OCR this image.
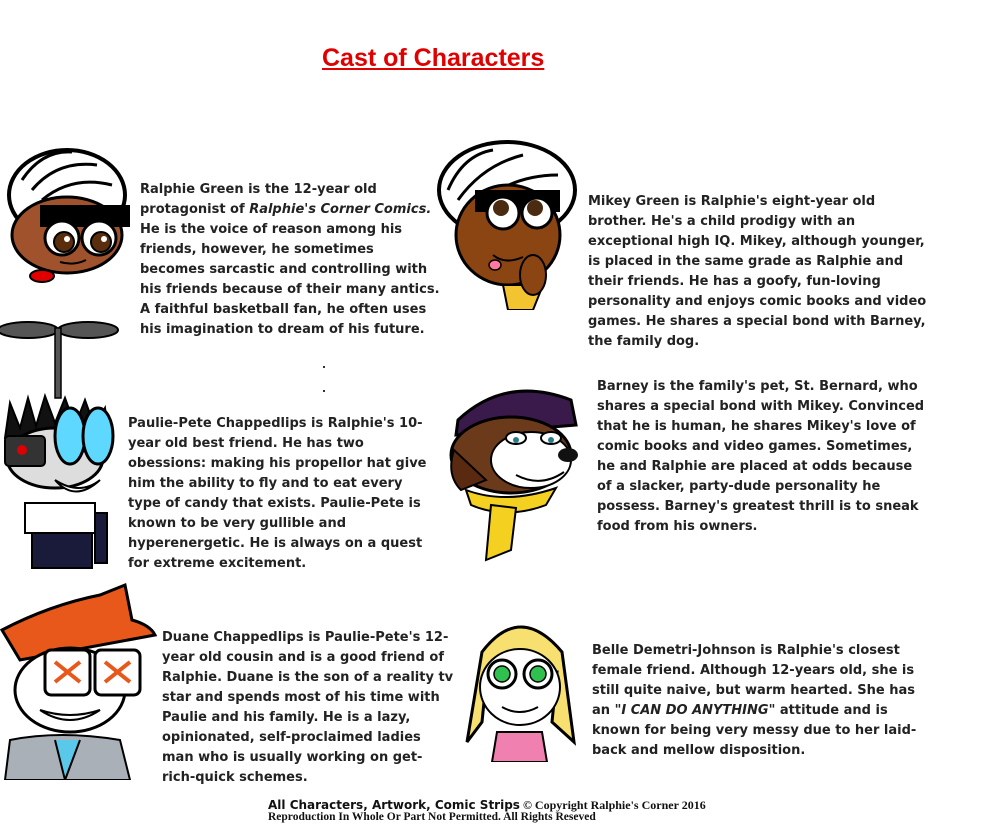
Cast of Characters
Ralphie Green is the 12-year old protagonist of Ralphie's Corner Comics. He is the voice of reason among his friends, however, he sometimes becomes sarcastic and controlling with his friends because of their many antics. A faithful basketball fan, he often uses his imagination to dream of his future.
Mikey Green is Ralphie's eight-year old brother. He's a child prodigy with an exceptional high IQ. Mikey, although younger, is placed in the same grade as Ralphie and their friends. He has a goofy, fun-loving personality and enjoys comic books and video games. He shares a special bond with Barney, the family dog.
Paulie-Pete Chappedlips is Ralphie's 10-year old best friend. He has two obessions: making his propellor hat give him the ability to fly and to eat every type of candy that exists. Paulie-Pete is known to be very gullible and hyperenergetic. He is always on a quest for extreme excitement.
Barney is the family's pet, St. Bernard, who shares a special bond with Mikey. Convinced that he is human, he shares Mikey's love of comic books and video games. Sometimes, he and Ralphie are placed at odds because of a slacker, party-dude personality he possess. Barney's greatest thrill is to sneak food from his owners.
Duane Chappedlips is Paulie-Pete's 12-year old cousin and is a good friend of Ralphie. Duane is the son of a reality tv star and spends most of his time with Paulie and his family. He is a lazy, opinionated, self-proclaimed ladies man who is usually working on get-rich-quick schemes.
Belle Demetri-Johnson is Ralphie's closest female friend. Although 12-years old, she is still quite naive, but warm hearted. She has an "I CAN DO ANYTHING" attitude and is known for being very messy due to her laid-back and mellow disposition.
All Characters, Artwork, Comic Strips © Copyright Ralphie's Corner 2016
Reproduction In Whole Or Part Not Permitted. All Rights Reseved
